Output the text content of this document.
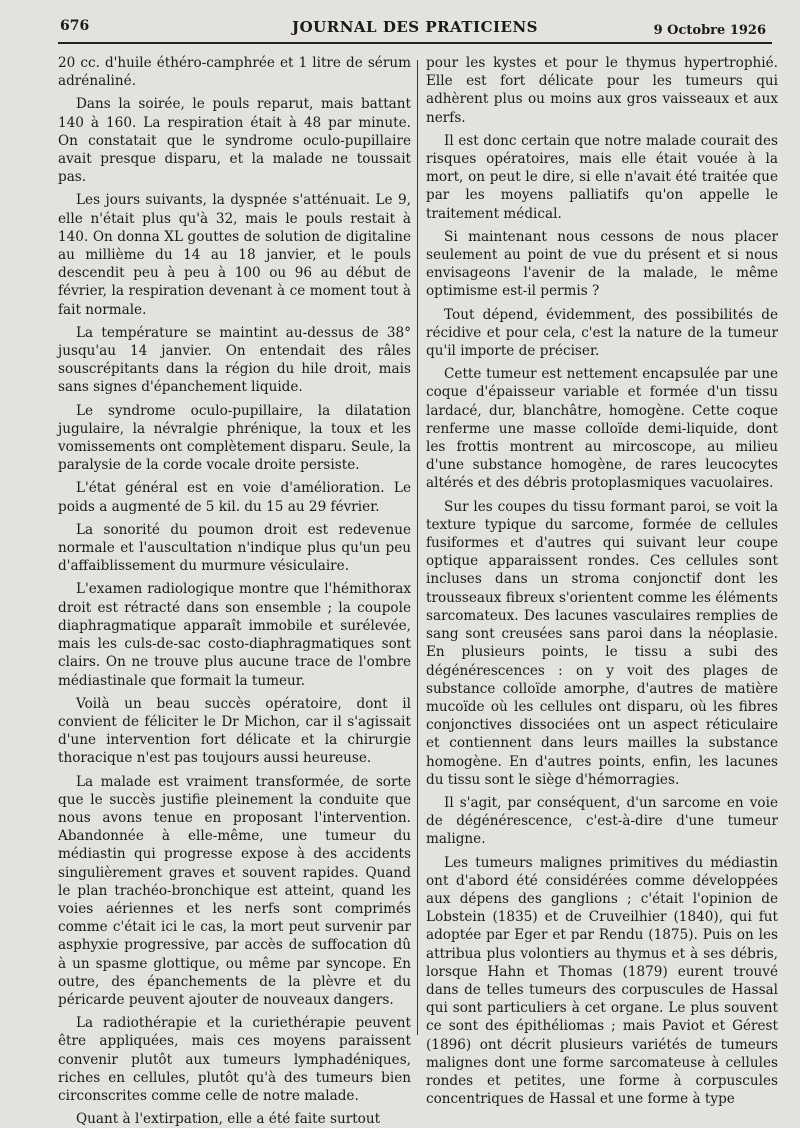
676	JOURNAL DES PRATICIENS	9 Octobre 1926

20 cc. d'huile éthéro-camphrée et 1 litre de sérum adrénaliné.

Dans la soirée, le pouls reparut, mais battant 140 à 160. La respiration était à 48 par minute. On constatait que le syndrome oculo-pupillaire avait presque disparu, et la malade ne toussait pas.

Les jours suivants, la dyspnée s'atténuait. Le 9, elle n'était plus qu'à 32, mais le pouls restait à 140. On donna XL gouttes de solution de digitaline au millième du 14 au 18 janvier, et le pouls descendit peu à peu à 100 ou 96 au début de février, la respiration devenant à ce moment tout à fait normale.

La température se maintint au-dessus de 38° jusqu'au 14 janvier. On entendait des râles souscrépitants dans la région du hile droit, mais sans signes d'épanchement liquide.

Le syndrome oculo-pupillaire, la dilatation jugulaire, la névralgie phrénique, la toux et les vomissements ont complètement disparu. Seule, la paralysie de la corde vocale droite persiste.

L'état général est en voie d'amélioration. Le poids a augmenté de 5 kil. du 15 au 29 février.

La sonorité du poumon droit est redevenue normale et l'auscultation n'indique plus qu'un peu d'affaiblissement du murmure vésiculaire.

L'examen radiologique montre que l'hémithorax droit est rétracté dans son ensemble ; la coupole diaphragmatique apparaît immobile et surélevée, mais les culs-de-sac costo-diaphragmatiques sont clairs. On ne trouve plus aucune trace de l'ombre médiastinale que formait la tumeur.

Voilà un beau succès opératoire, dont il convient de féliciter le Dr Michon, car il s'agissait d'une intervention fort délicate et la chirurgie thoracique n'est pas toujours aussi heureuse.

La malade est vraiment transformée, de sorte que le succès justifie pleinement la conduite que nous avons tenue en proposant l'intervention. Abandonnée à elle-même, une tumeur du médiastin qui progresse expose à des accidents singulièrement graves et souvent rapides. Quand le plan trachéo-bronchique est atteint, quand les voies aériennes et les nerfs sont comprimés comme c'était ici le cas, la mort peut survenir par asphyxie progressive, par accès de suffocation dû à un spasme glottique, ou même par syncope. En outre, des épanchements de la plèvre et du péricarde peuvent ajouter de nouveaux dangers.

La radiothérapie et la curiethérapie peuvent être appliquées, mais ces moyens paraissent convenir plutôt aux tumeurs lymphadéniques, riches en cellules, plutôt qu'à des tumeurs bien circonscrites comme celle de notre malade.

Quant à l'extirpation, elle a été faite surtout

pour les kystes et pour le thymus hypertrophié. Elle est fort délicate pour les tumeurs qui adhèrent plus ou moins aux gros vaisseaux et aux nerfs.

Il est donc certain que notre malade courait des risques opératoires, mais elle était vouée à la mort, on peut le dire, si elle n'avait été traitée que par les moyens palliatifs qu'on appelle le traitement médical.

Si maintenant nous cessons de nous placer seulement au point de vue du présent et si nous envisageons l'avenir de la malade, le même optimisme est-il permis ?

Tout dépend, évidemment, des possibilités de récidive et pour cela, c'est la nature de la tumeur qu'il importe de préciser.

Cette tumeur est nettement encapsulée par une coque d'épaisseur variable et formée d'un tissu lardacé, dur, blanchâtre, homogène. Cette coque renferme une masse colloïde demi-liquide, dont les frottis montrent au mircoscope, au milieu d'une substance homogène, de rares leucocytes altérés et des débris protoplasmiques vacuolaires.

Sur les coupes du tissu formant paroi, se voit la texture typique du sarcome, formée de cellules fusiformes et d'autres qui suivant leur coupe optique apparaissent rondes. Ces cellules sont incluses dans un stroma conjonctif dont les trousseaux fibreux s'orientent comme les éléments sarcomateux. Des lacunes vasculaires remplies de sang sont creusées sans paroi dans la néoplasie. En plusieurs points, le tissu a subi des dégénérescences : on y voit des plages de substance colloïde amorphe, d'autres de matière mucoïde où les cellules ont disparu, où les fibres conjonctives dissociées ont un aspect réticulaire et contiennent dans leurs mailles la substance homogène. En d'autres points, enfin, les lacunes du tissu sont le siège d'hémorragies.

Il s'agit, par conséquent, d'un sarcome en voie de dégénérescence, c'est-à-dire d'une tumeur maligne.

Les tumeurs malignes primitives du médiastin ont d'abord été considérées comme développées aux dépens des ganglions ; c'était l'opinion de Lobstein (1835) et de Cruveilhier (1840), qui fut adoptée par Eger et par Rendu (1875). Puis on les attribua plus volontiers au thymus et à ses débris, lorsque Hahn et Thomas (1879) eurent trouvé dans de telles tumeurs des corpuscules de Hassal qui sont particuliers à cet organe. Le plus souvent ce sont des épithéliomas ; mais Paviot et Gérest (1896) ont décrit plusieurs variétés de tumeurs malignes dont une forme sarcomateuse à cellules rondes et petites, une forme à corpuscules concentriques de Hassal et une forme à type
